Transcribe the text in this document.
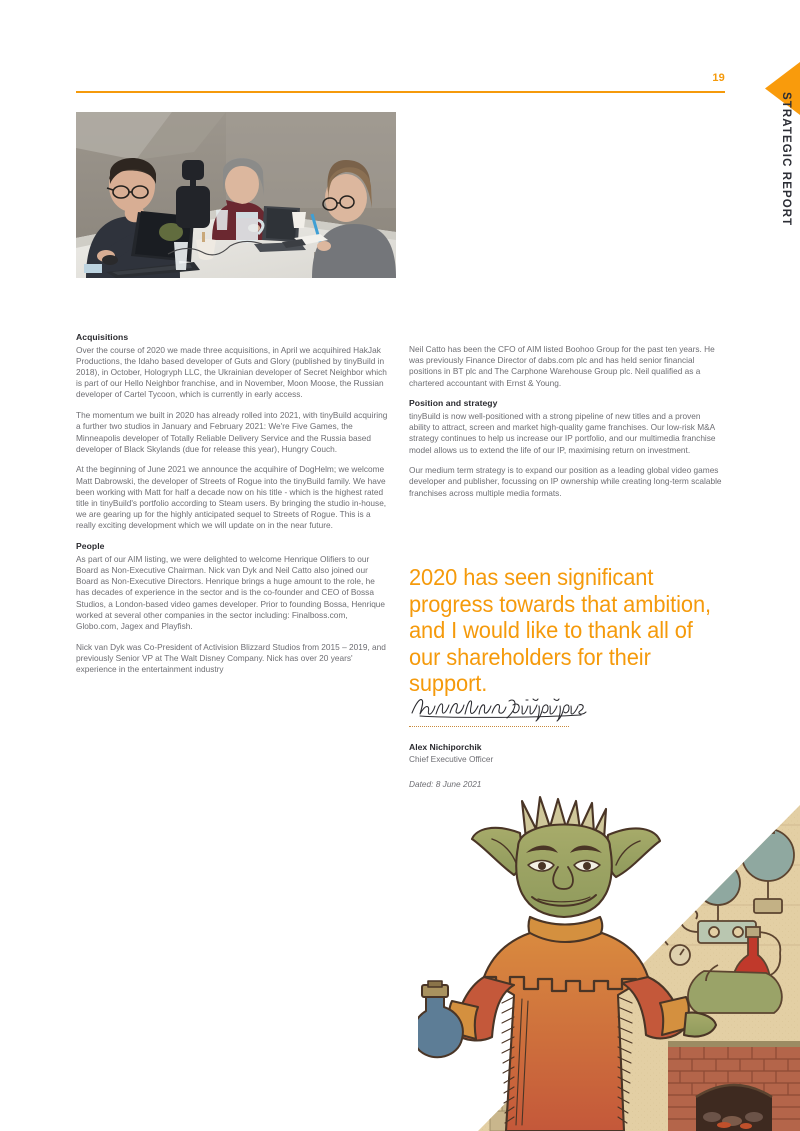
19
STRATEGIC REPORT
Acquisitions

Over the course of 2020 we made three acquisitions, in April we acquihired HakJak Productions, the Idaho based developer of Guts and Glory (published by tinyBuild in 2018), in October, Hologryph LLC, the Ukrainian developer of Secret Neighbor which is part of our Hello Neighbor franchise, and in November, Moon Moose, the Russian developer of Cartel Tycoon, which is currently in early access.

The momentum we built in 2020 has already rolled into 2021, with tinyBuild acquiring a further two studios in January and February 2021: We're Five Games, the Minneapolis developer of Totally Reliable Delivery Service and the Russia based developer of Black Skylands (due for release this year), Hungry Couch.

At the beginning of June 2021 we announce the acquihire of DogHelm; we welcome Matt Dabrowski, the developer of Streets of Rogue into the tinyBuild family. We have been working with Matt for half a decade now on his title - which is the highest rated title in tinyBuild's portfolio according to Steam users. By bringing the studio in-house, we are gearing up for the highly anticipated sequel to Streets of Rogue. This is a really exciting development which we will update on in the near future.

People

As part of our AIM listing, we were delighted to welcome Henrique Olifiers to our Board as Non-Executive Chairman. Nick van Dyk and Neil Catto also joined our Board as Non-Executive Directors. Henrique brings a huge amount to the role, he has decades of experience in the sector and is the co-founder and CEO of Bossa Studios, a London-based video games developer. Prior to founding Bossa, Henrique worked at several other companies in the sector including: Finalboss.com, Globo.com, Jagex and Playfish.

Nick van Dyk was Co-President of Activision Blizzard Studios from 2015 – 2019, and previously Senior VP at The Walt Disney Company. Nick has over 20 years' experience in the entertainment industry

Neil Catto has been the CFO of AIM listed Boohoo Group for the past ten years. He was previously Finance Director of dabs.com plc and has held senior financial positions in BT plc and The Carphone Warehouse Group plc. Neil qualified as a chartered accountant with Ernst & Young.

Position and strategy

tinyBuild is now well-positioned with a strong pipeline of new titles and a proven ability to attract, screen and market high-quality game franchises. Our low-risk M&A strategy continues to help us increase our IP portfolio, and our multimedia franchise model allows us to extend the life of our IP, maximising return on investment.

Our medium term strategy is to expand our position as a leading global video games developer and publisher, focussing on IP ownership while creating long-term scalable franchises across multiple media formats.

2020 has seen significant progress towards that ambition, and I would like to thank all of our shareholders for their support.
Alex Nichiporchik
Chief Executive Officer
Dated: 8 June 2021
